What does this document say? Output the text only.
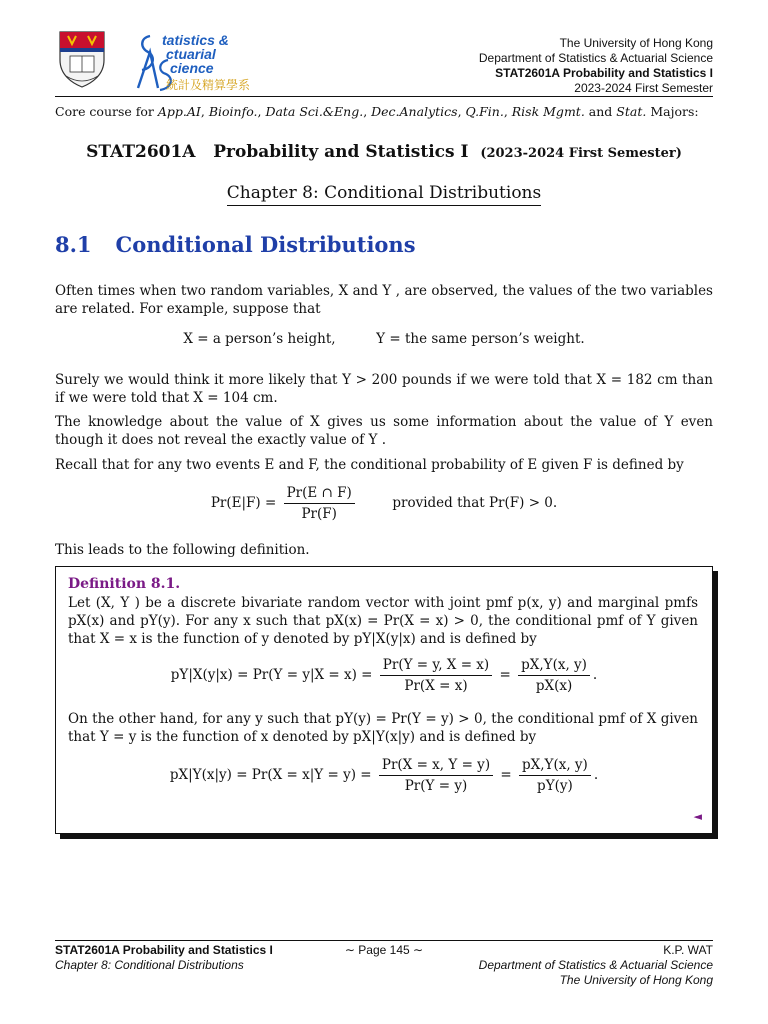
tatistics &
ctuarial
cience
統計及精算學系
The University of Hong Kong
Department of Statistics & Actuarial Science
STAT2601A Probability and Statistics I
2023-2024 First Semester
Core course for App.AI, Bioinfo., Data Sci.&Eng., Dec.Analytics, Q.Fin., Risk Mgmt. and Stat. Majors:
STAT2601A Probability and Statistics I (2023-2024 First Semester)
Chapter 8: Conditional Distributions
8.1 Conditional Distributions
Often times when two random variables, X and Y , are observed, the values of the two variables are related. For example, suppose that
X = a person’s height,	Y = the same person’s weight.
Surely we would think it more likely that Y > 200 pounds if we were told that X = 182 cm than if we were told that X = 104 cm.
The knowledge about the value of X gives us some information about the value of Y even though it does not reveal the exactly value of Y .
Recall that for any two events E and F, the conditional probability of E given F is defined by
$Pr(E|F) = \frac{Pr(E \cap F)}{Pr(F)}$	provided that Pr(F) > 0.
This leads to the following definition.
Definition 8.1.
Let (X, Y ) be a discrete bivariate random vector with joint pmf p(x, y) and marginal pmfs pX(x) and pY(y). For any x such that pX(x) = Pr(X = x) > 0, the conditional pmf of Y given that X = x is the function of y denoted by pY|X(y|x) and is defined by
$pY|X(y|x) = Pr(Y = y|X = x) = \frac{Pr(Y = y, X = x)}{Pr(X = x)} = \frac{pX,Y(x, y)}{pX(x)}$ .
On the other hand, for any y such that pY(y) = Pr(Y = y) > 0, the conditional pmf of X given that Y = y is the function of x denoted by pX|Y(x|y) and is defined by
$pX|Y(x|y) = Pr(X = x|Y = y) = \frac{Pr(X = x, Y = y)}{Pr(Y = y)} = \frac{pX,Y(x, y)}{pY(y)}$ .
◄
STAT2601A Probability and Statistics I
Chapter 8: Conditional Distributions
∼ Page 145 ∼	K.P. WAT
Department of Statistics & Actuarial Science
The University of Hong Kong
